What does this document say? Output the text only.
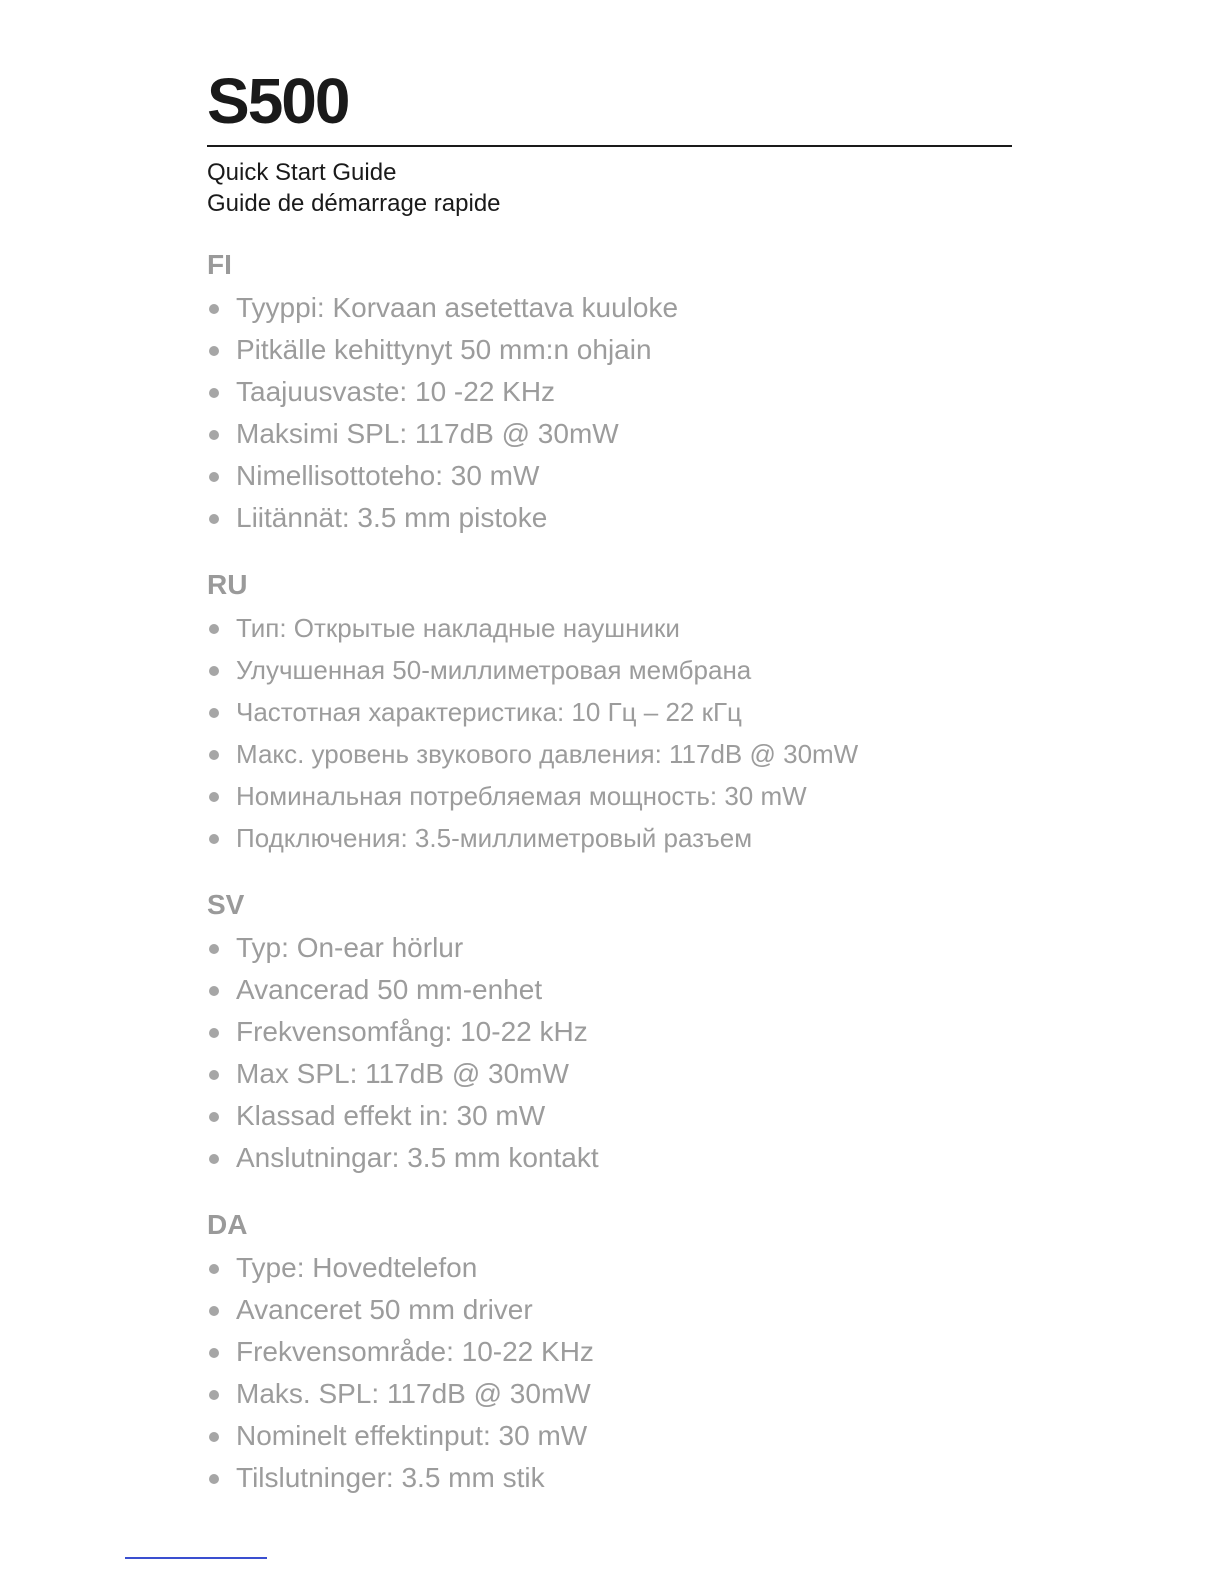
S500
Quick Start Guide
Guide de démarrage rapide
FI
Tyyppi: Korvaan asetettava kuuloke
Pitkälle kehittynyt 50 mm:n ohjain
Taajuusvaste: 10 -22 KHz
Maksimi SPL: 117dB @ 30mW
Nimellisottoteho: 30 mW
Liitännät: 3.5 mm pistoke
RU
Тип: Открытые накладные наушники
Улучшенная 50-миллиметровая мембрана
Частотная характеристика: 10 Гц – 22 кГц
Макс. уровень звукового давления: 117dB @ 30mW
Номинальная потребляемая мощность: 30 mW
Подключения: 3.5-миллиметровый разъем
SV
Typ: On-ear hörlur
Avancerad 50 mm-enhet
Frekvensomfång: 10-22 kHz
Max SPL: 117dB @ 30mW
Klassad effekt in: 30 mW
Anslutningar: 3.5 mm kontakt
DA
Type: Hovedtelefon
Avanceret 50 mm driver
Frekvensområde: 10-22 KHz
Maks. SPL: 117dB @ 30mW
Nominelt effektinput: 30 mW
Tilslutninger: 3.5 mm stik
